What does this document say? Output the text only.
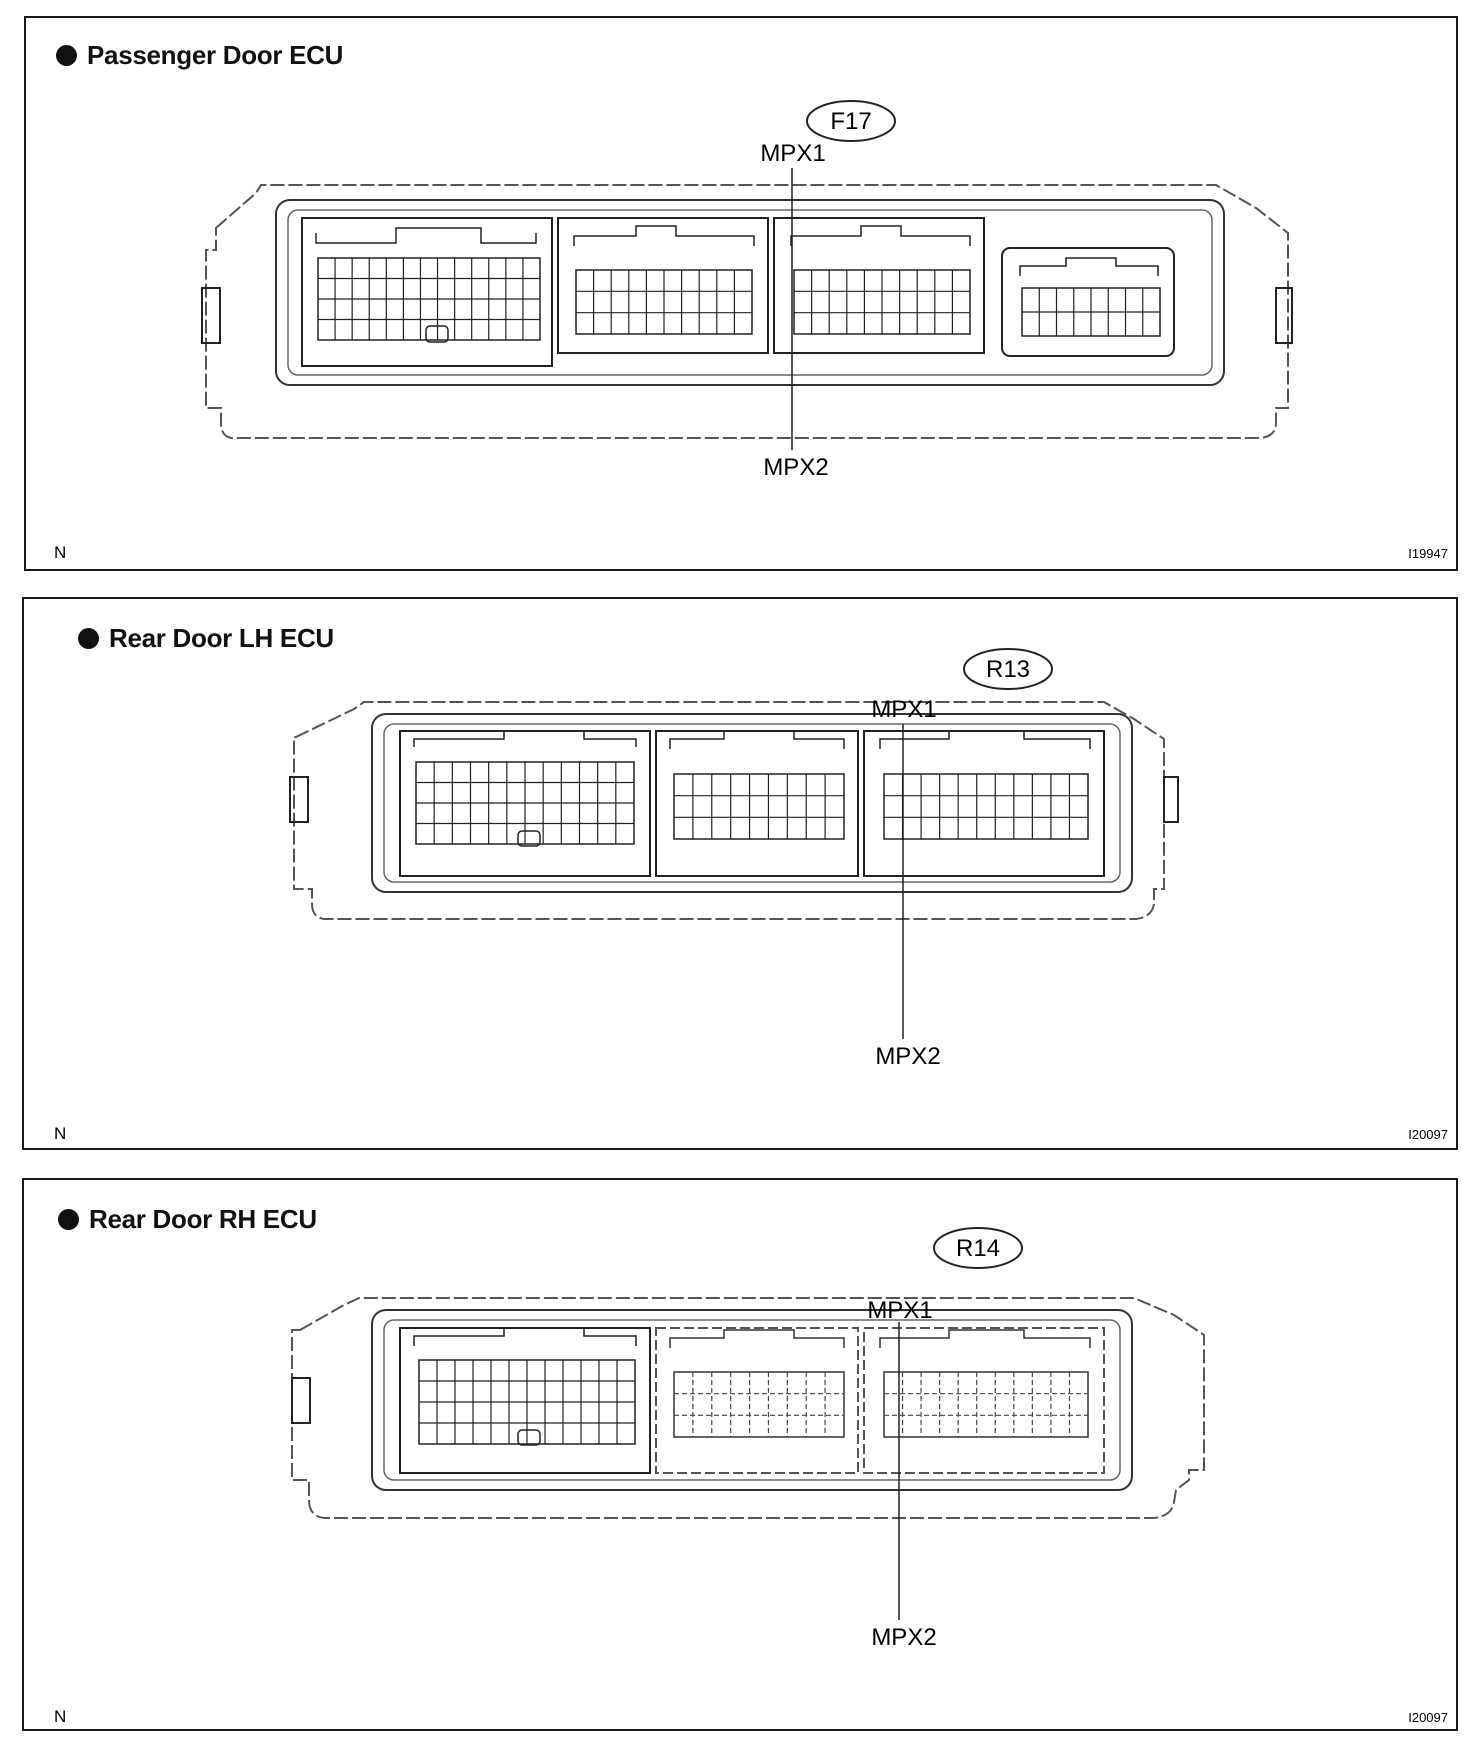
Passenger Door ECU
F17
MPX1
MPX2
N	I19947
Rear Door LH ECU
R13
MPX1
MPX2
N	I20097
Rear Door RH ECU
R14
MPX1
MPX2
N	I20097
